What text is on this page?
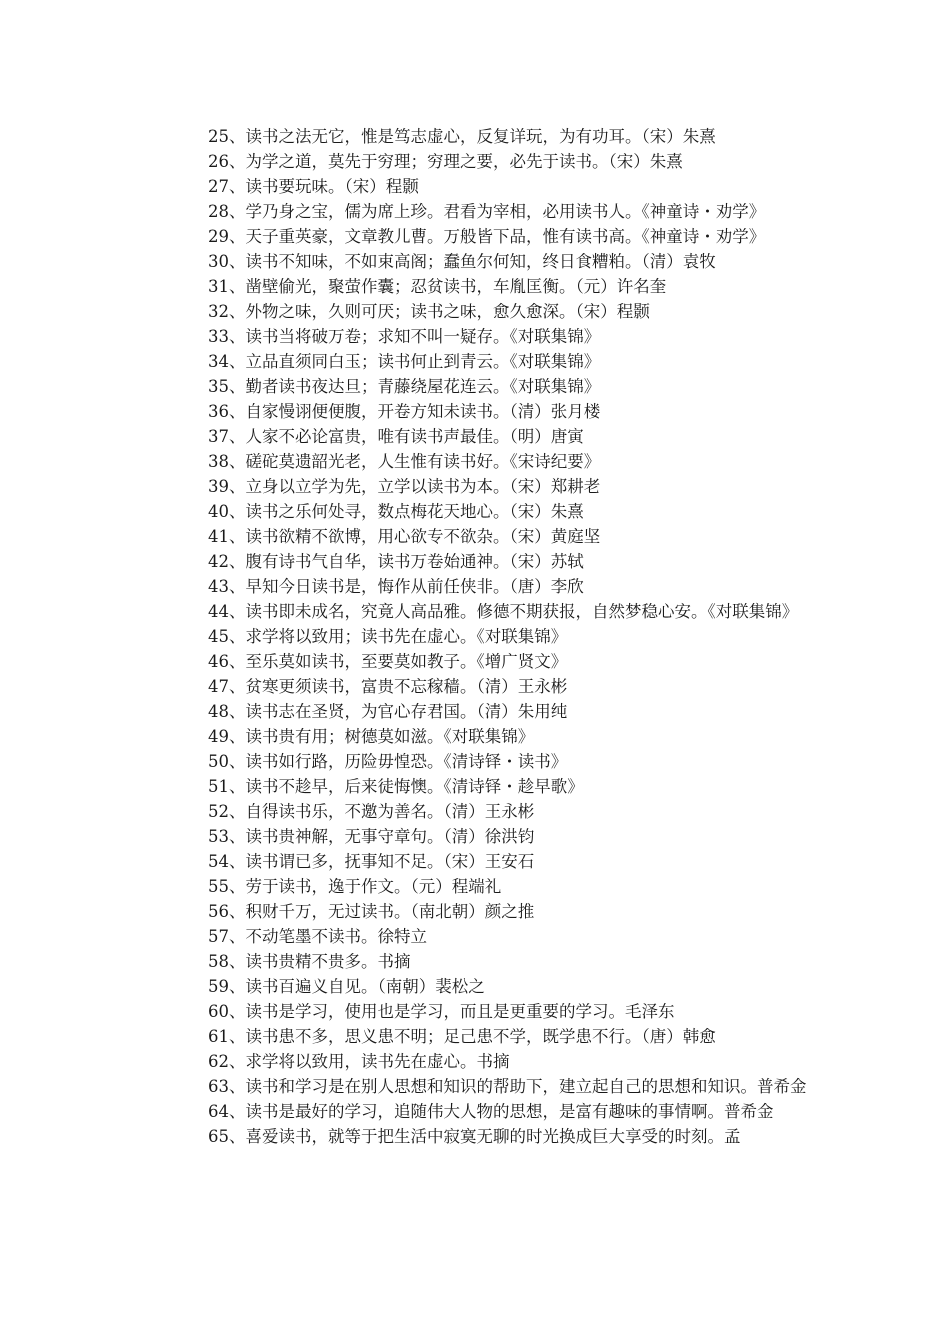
25、读书之法无它，惟是笃志虚心，反复详玩，为有功耳。（宋）朱熹

26、为学之道，莫先于穷理；穷理之要，必先于读书。（宋）朱熹

27、读书要玩味。（宋）程颢

28、学乃身之宝，儒为席上珍。君看为宰相，必用读书人。《神童诗・劝学》

29、天子重英豪，文章教儿曹。万般皆下品，惟有读书高。《神童诗・劝学》

30、读书不知味，不如束高阁；蠢鱼尔何知，终日食糟粕。（清）袁牧

31、凿壁偷光，聚萤作囊；忍贫读书，车胤匡衡。（元）许名奎

32、外物之味，久则可厌；读书之味，愈久愈深。（宋）程颢

33、读书当将破万卷；求知不叫一疑存。《对联集锦》

34、立品直须同白玉；读书何止到青云。《对联集锦》

35、勤者读书夜达旦；青藤绕屋花连云。《对联集锦》

36、自家慢诩便便腹，开卷方知未读书。（清）张月楼

37、人家不必论富贵，唯有读书声最佳。（明）唐寅

38、磋砣莫遗韶光老，人生惟有读书好。《宋诗纪要》

39、立身以立学为先，立学以读书为本。（宋）郑耕老

40、读书之乐何处寻，数点梅花天地心。（宋）朱熹

41、读书欲精不欲博，用心欲专不欲杂。（宋）黄庭坚

42、腹有诗书气自华，读书万卷始通神。（宋）苏轼

43、早知今日读书是，悔作从前任侠非。（唐）李欣

44、读书即未成名，究竟人高品雅。修德不期获报，自然梦稳心安。《对联集锦》

45、求学将以致用；读书先在虚心。《对联集锦》

46、至乐莫如读书，至要莫如教子。《增广贤文》

47、贫寒更须读书，富贵不忘稼穑。（清）王永彬

48、读书志在圣贤，为官心存君国。（清）朱用纯

49、读书贵有用；树德莫如滋。《对联集锦》

50、读书如行路，历险毋惶恐。《清诗铎・读书》

51、读书不趁早，后来徒悔懊。《清诗铎・趁早歌》

52、自得读书乐，不邀为善名。（清）王永彬

53、读书贵神解，无事守章句。（清）徐洪钧

54、读书谓已多，抚事知不足。（宋）王安石

55、劳于读书，逸于作文。（元）程端礼

56、积财千万，无过读书。（南北朝）颜之推

57、不动笔墨不读书。徐特立

58、读书贵精不贵多。书摘

59、读书百遍义自见。（南朝）裴松之

60、读书是学习，使用也是学习，而且是更重要的学习。毛泽东

61、读书患不多，思义患不明；足己患不学，既学患不行。（唐）韩愈

62、求学将以致用，读书先在虚心。书摘

63、读书和学习是在别人思想和知识的帮助下，建立起自己的思想和知识。普希金

64、读书是最好的学习，追随伟大人物的思想，是富有趣味的事情啊。普希金

65、喜爱读书，就等于把生活中寂寞无聊的时光换成巨大享受的时刻。孟
